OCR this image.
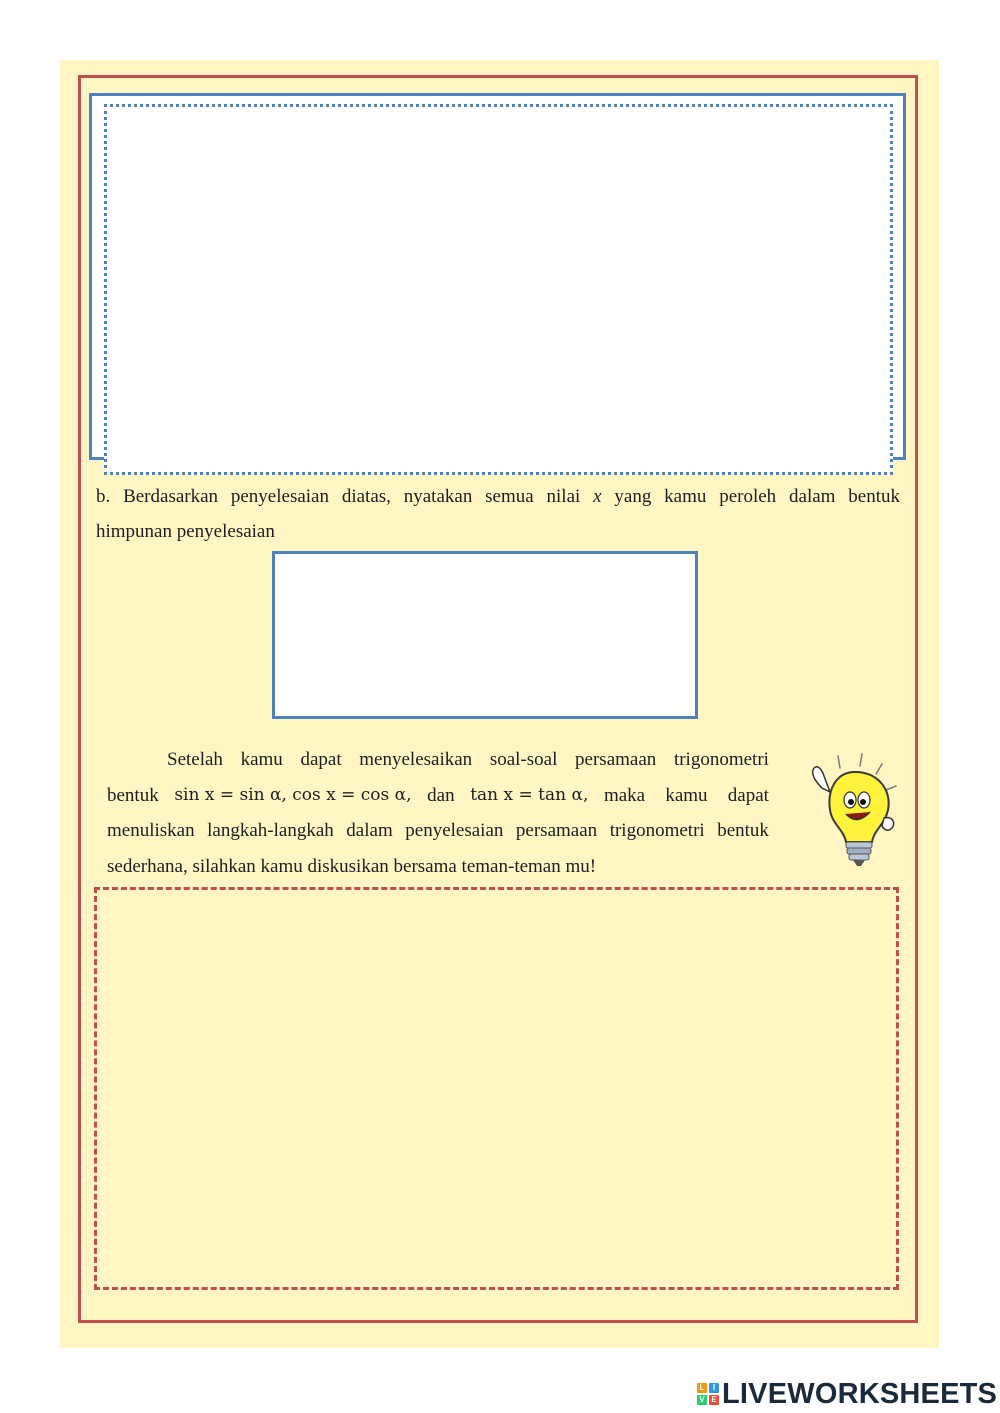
b. Berdasarkan penyelesaian diatas, nyatakan semua nilai x yang kamu peroleh dalam bentuk
himpunan penyelesaian
Setelah kamu dapat menyelesaikan soal-soal persamaan trigonometri
bentuk sin x = sin α, cos x = cos α, dan tan x = tan α, maka kamu dapat
menuliskan langkah-langkah dalam penyelesaian persamaan trigonometri bentuk
sederhana, silahkan kamu diskusikan bersama teman-teman mu!
L	I
V E LIVEWORKSHEETS
